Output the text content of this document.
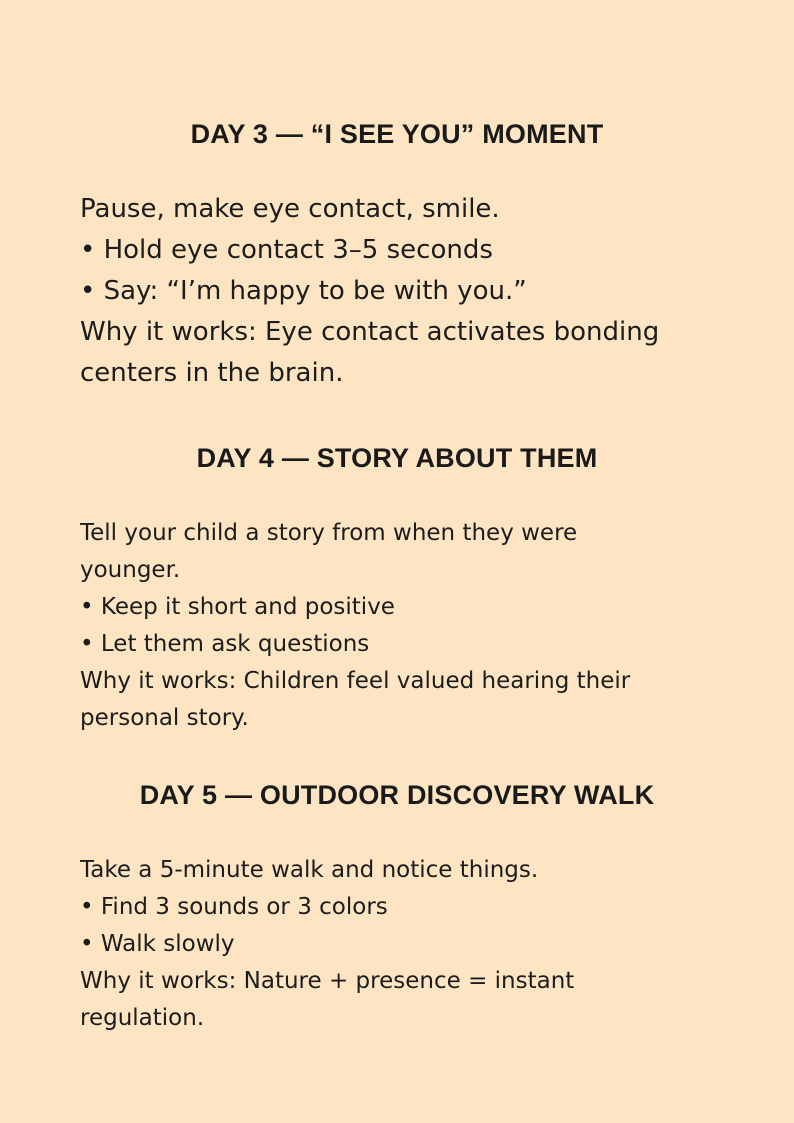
DAY 3 — “I SEE YOU” MOMENT
Pause, make eye contact, smile.
• Hold eye contact 3–5 seconds
• Say: “I’m happy to be with you.”
Why it works: Eye contact activates bonding
centers in the brain.
DAY 4 — STORY ABOUT THEM
Tell your child a story from when they were
younger.
• Keep it short and positive
• Let them ask questions
Why it works: Children feel valued hearing their
personal story.
DAY 5 — OUTDOOR DISCOVERY WALK
Take a 5-minute walk and notice things.
• Find 3 sounds or 3 colors
• Walk slowly
Why it works: Nature + presence = instant
regulation.
